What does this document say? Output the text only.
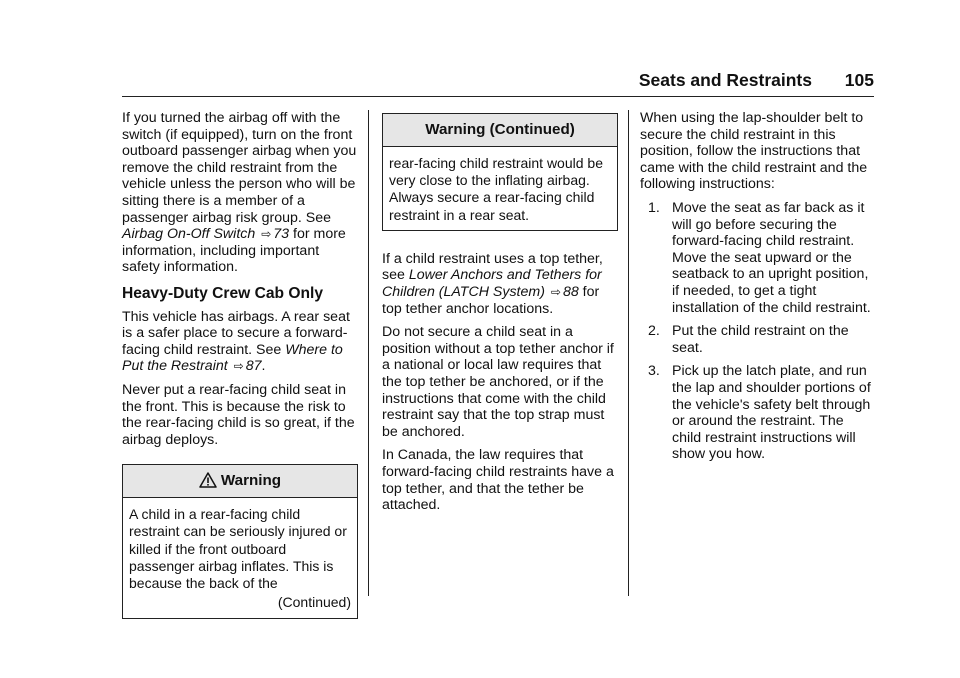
Seats and Restraints 105

If you turned the airbag off with the switch (if equipped), turn on the front outboard passenger airbag when you remove the child restraint from the vehicle unless the person who will be sitting there is a member of a passenger airbag risk group. See Airbag On-Off Switch ⇨ 73 for more information, including important safety information.

Heavy-Duty Crew Cab Only

This vehicle has airbags. A rear seat is a safer place to secure a forward-facing child restraint. See Where to Put the Restraint ⇨ 87.

Never put a rear-facing child seat in the front. This is because the risk to the rear-facing child is so great, if the airbag deploys.

Warning
A child in a rear-facing child restraint can be seriously injured or killed if the front outboard passenger airbag inflates. This is because the back of the
(Continued)
Warning (Continued)
rear-facing child restraint would be very close to the inflating airbag. Always secure a rear-facing child restraint in a rear seat.

If a child restraint uses a top tether, see Lower Anchors and Tethers for Children (LATCH System) ⇨ 88 for top tether anchor locations.

Do not secure a child seat in a position without a top tether anchor if a national or local law requires that the top tether be anchored, or if the instructions that come with the child restraint say that the top strap must be anchored.

In Canada, the law requires that forward-facing child restraints have a top tether, and that the tether be attached.

When using the lap-shoulder belt to secure the child restraint in this position, follow the instructions that came with the child restraint and the following instructions:

1. Move the seat as far back as it will go before securing the forward-facing child restraint. Move the seat upward or the seatback to an upright position, if needed, to get a tight installation of the child restraint.
2. Put the child restraint on the seat.
3. Pick up the latch plate, and run the lap and shoulder portions of the vehicle's safety belt through or around the restraint. The child restraint instructions will show you how.
